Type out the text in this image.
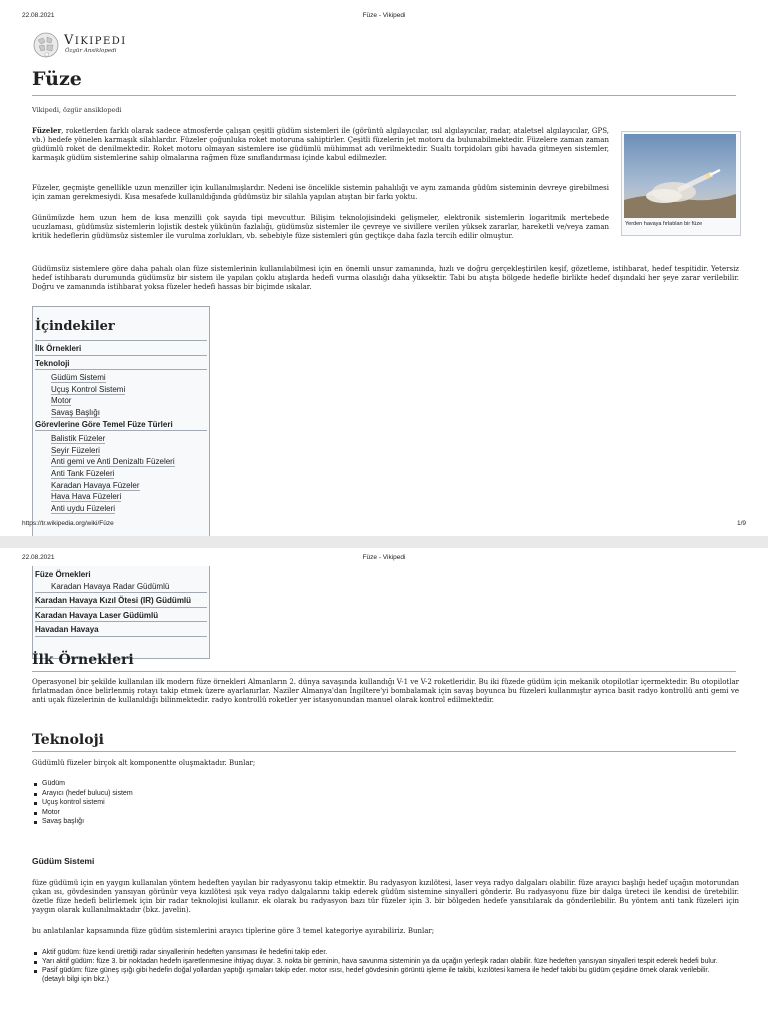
22.08.2021	Füze - Vikipedi
VIKIPEDI
Özgür Ansiklopedi
Füze
Vikipedi, özgür ansiklopedi
Füzeler, roketlerden farklı olarak sadece atmosferde çalışan çeşitli güdüm sistemleri ile (görüntü algılayıcılar, ısıl algılayıcılar, radar, ataletsel algılayıcılar, GPS, vb.) hedefe yönelen karmaşık silahlardır. Füzeler çoğunluka roket motoruna sahiptirler. Çeşitli füzelerin jet motoru da bulunabilmektedir. Füzelere zaman zaman güdümlü roket de denilmektedir. Roket motoru olmayan sistemlere ise güdümlü mühimmat adı verilmektedir. Sualtı torpidoları gibi havada gitmeyen sistemler, karmaşık güdüm sistemlerine sahip olmalarına rağmen füze sınıflandırması içinde kabul edilmezler.
Füzeler, geçmişte genellikle uzun menziller için kullanılmışlardır. Nedeni ise öncelikle sistemin pahalılığı ve aynı zamanda güdüm sisteminin devreye girebilmesi için zaman gerekmesiydi. Kısa mesafede kullanıldığında güdümsüz bir silahla yapılan atıştan bir farkı yoktu.
Günümüzde hem uzun hem de kısa menzilli çok sayıda tipi mevcuttur. Bilişim teknolojisindeki gelişmeler, elektronik sistemlerin logaritmik mertebede ucuzlaması, güdümsüz sistemlerin lojistik destek yükünün fazlalığı, güdümsüz sistemler ile çevreye ve sivillere verilen yüksek zararlar, hareketli ve/veya zaman kritik hedeflerin güdümsüz sistemler ile vurulma zorlukları, vb. sebebiyle füze sistemleri gün geçtikçe daha fazla tercih edilir olmuştur.
Güdümsüz sistemlere göre daha pahalı olan füze sistemlerinin kullanılabilmesi için en önemli unsur zamanında, hızlı ve doğru gerçekleştirilen keşif, gözetleme, istihbarat, hedef tespitidir. Yetersiz hedef istihbaratı durumunda güdümsüz bir sistem ile yapılan çoklu atışlarda hedefi vurma olasılığı daha yüksektir. Tabi bu atışta bölgede hedefle birlikte hedef dışındaki her şeye zarar verilebilir. Doğru ve zamanında istihbarat yoksa füzeler hedefi hassas bir biçimde ıskalar.
Yerden havaya fırlatılan bir füze
İçindekiler
İlk Örnekleri
Teknoloji
Güdüm Sistemi
Uçuş Kontrol Sistemi
Motor
Savaş Başlığı
Görevlerine Göre Temel Füze Türleri
Balistik Füzeler
Seyir Füzeleri
Anti gemi ve Anti Denizaltı Füzeleri
Anti Tank Füzeleri
Karadan Havaya Füzeler
Hava Hava Füzeleri
Anti uydu Füzeleri
https://tr.wikipedia.org/wiki/Füze	1/9
22.08.2021	Füze - Vikipedi
Füze Örnekleri
Karadan Havaya Radar Güdümlü
Karadan Havaya Kızıl Ötesi (IR) Güdümlü
Karadan Havaya Laser Güdümlü
Havadan Havaya
İlk Örnekleri
Operasyonel bir şekilde kullanılan ilk modern füze örnekleri Almanların 2. dünya savaşında kullandığı V-1 ve V-2 roketleridir. Bu iki füzede güdüm için mekanik otopilotlar içermektedir. Bu otopilotlar fırlatmadan önce belirlenmiş rotayı takip etmek üzere ayarlanırlar. Naziler Almanya'dan İngiltere'yi bombalamak için savaş boyunca bu füzeleri kullanmıştır ayrıca basit radyo kontrollü anti gemi ve anti uçak füzelerinin de kullanıldığı bilinmektedir. radyo kontrollü roketler yer istasyonundan manuel olarak kontrol edilmektedir.
Teknoloji
Güdümlü füzeler birçok alt komponentte oluşmaktadır. Bunlar;
Güdüm
Arayıcı (hedef bulucu) sistem
Uçuş kontrol sistemi
Motor
Savaş başlığı
Güdüm Sistemi
füze güdümü için en yaygın kullanılan yöntem hedeften yayılan bir radyasyonu takip etmektir. Bu radyasyon kızılötesi, laser veya radyo dalgaları olabilir. füze arayıcı başlığı hedef uçağın motorundan çıkan ısı, gövdesinden yansıyan görünür veya kızılötesi ışık veya radyo dalgalarını takip ederek güdüm sistemine sinyalleri gönderir. Bu radyasyonu füze bir dalga üreteci ile kendisi de üretebilir. özetle füze hedefi belirlemek için bir radar teknolojisi kullanır. ek olarak bu radyasyon bazı tür füzeler için 3. bir bölgeden hedefe yansıtılarak da gönderilebilir. Bu yöntem anti tank füzeleri için yaygın olarak kullanılmaktadır (bkz. javelin).
bu anlatılanlar kapsamında füze güdüm sistemlerini arayıcı tiplerine göre 3 temel kategoriye ayırabiliriz. Bunlar;
Aktif güdüm: füze kendi ürettiği radar sinyallerinin hedeften yansıması ile hedefini takip eder.
Yarı aktif güdüm: füze 3. bir noktadan hedefn işaretlenmesine ihtiyaç duyar. 3. nokta bir geminin, hava savunma sisteminin ya da uçağın yerleşik radarı olabilir. füze hedeften yansıyan sinyalleri tespit ederek hedefi bulur.
Pasif güdüm: füze güneş ışığı gibi hedefin doğal yollardan yaptığı ışımaları takip eder. motor ısısı, hedef gövdesinin görüntü işleme ile takibi, kızılötesi kamera ile hedef takibi bu güdüm çeşidine örnek olarak verilebilir. (detaylı bilgi için bkz.)
